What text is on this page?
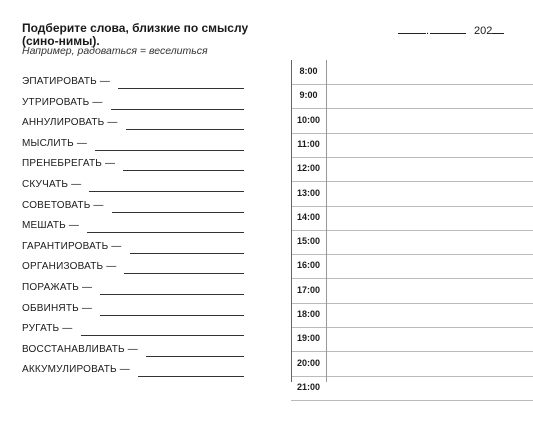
Подберите слова, близкие по смыслу (сино-нимы).
Например, радоваться = веселиться
.	202
ЭПАТИРОВАТЬ —
УТРИРОВАТЬ —
АННУЛИРОВАТЬ —
МЫСЛИТЬ —
ПРЕНЕБРЕГАТЬ —
СКУЧАТЬ —
СОВЕТОВАТЬ —
МЕШАТЬ —
ГАРАНТИРОВАТЬ —
ОРГАНИЗОВАТЬ —
ПОРАЖАТЬ —
ОБВИНЯТЬ —
РУГАТЬ —
ВОССТАНАВЛИВАТЬ —
АККУМУЛИРОВАТЬ —
8:00
9:00
10:00
11:00
12:00
13:00
14:00
15:00
16:00
17:00
18:00
19:00
20:00
21:00
